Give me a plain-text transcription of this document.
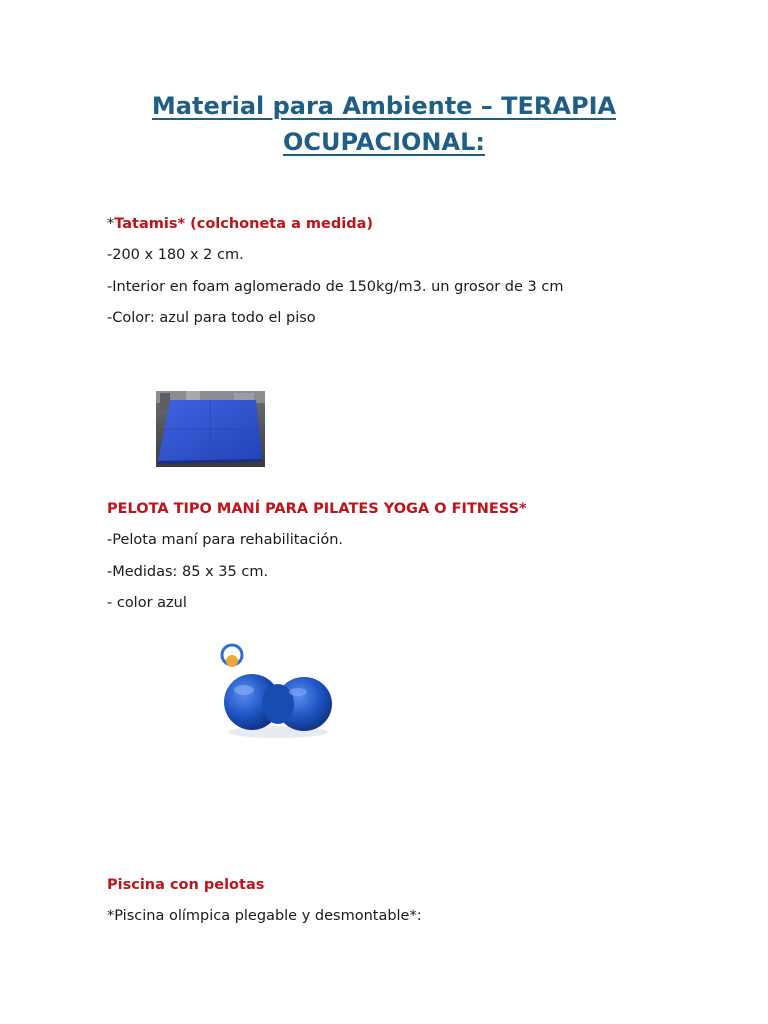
Material para Ambiente – TERAPIA OCUPACIONAL:
*Tatamis* (colchoneta a medida)
-200 x 180 x 2 cm.
-Interior en foam aglomerado de 150kg/m3. un grosor de 3 cm
-Color: azul para todo el piso
PELOTA TIPO MANÍ PARA PILATES YOGA O FITNESS*
-Pelota maní para rehabilitación.
-Medidas: 85 x 35 cm.
- color azul
Piscina con pelotas
*Piscina olímpica plegable y desmontable*:
